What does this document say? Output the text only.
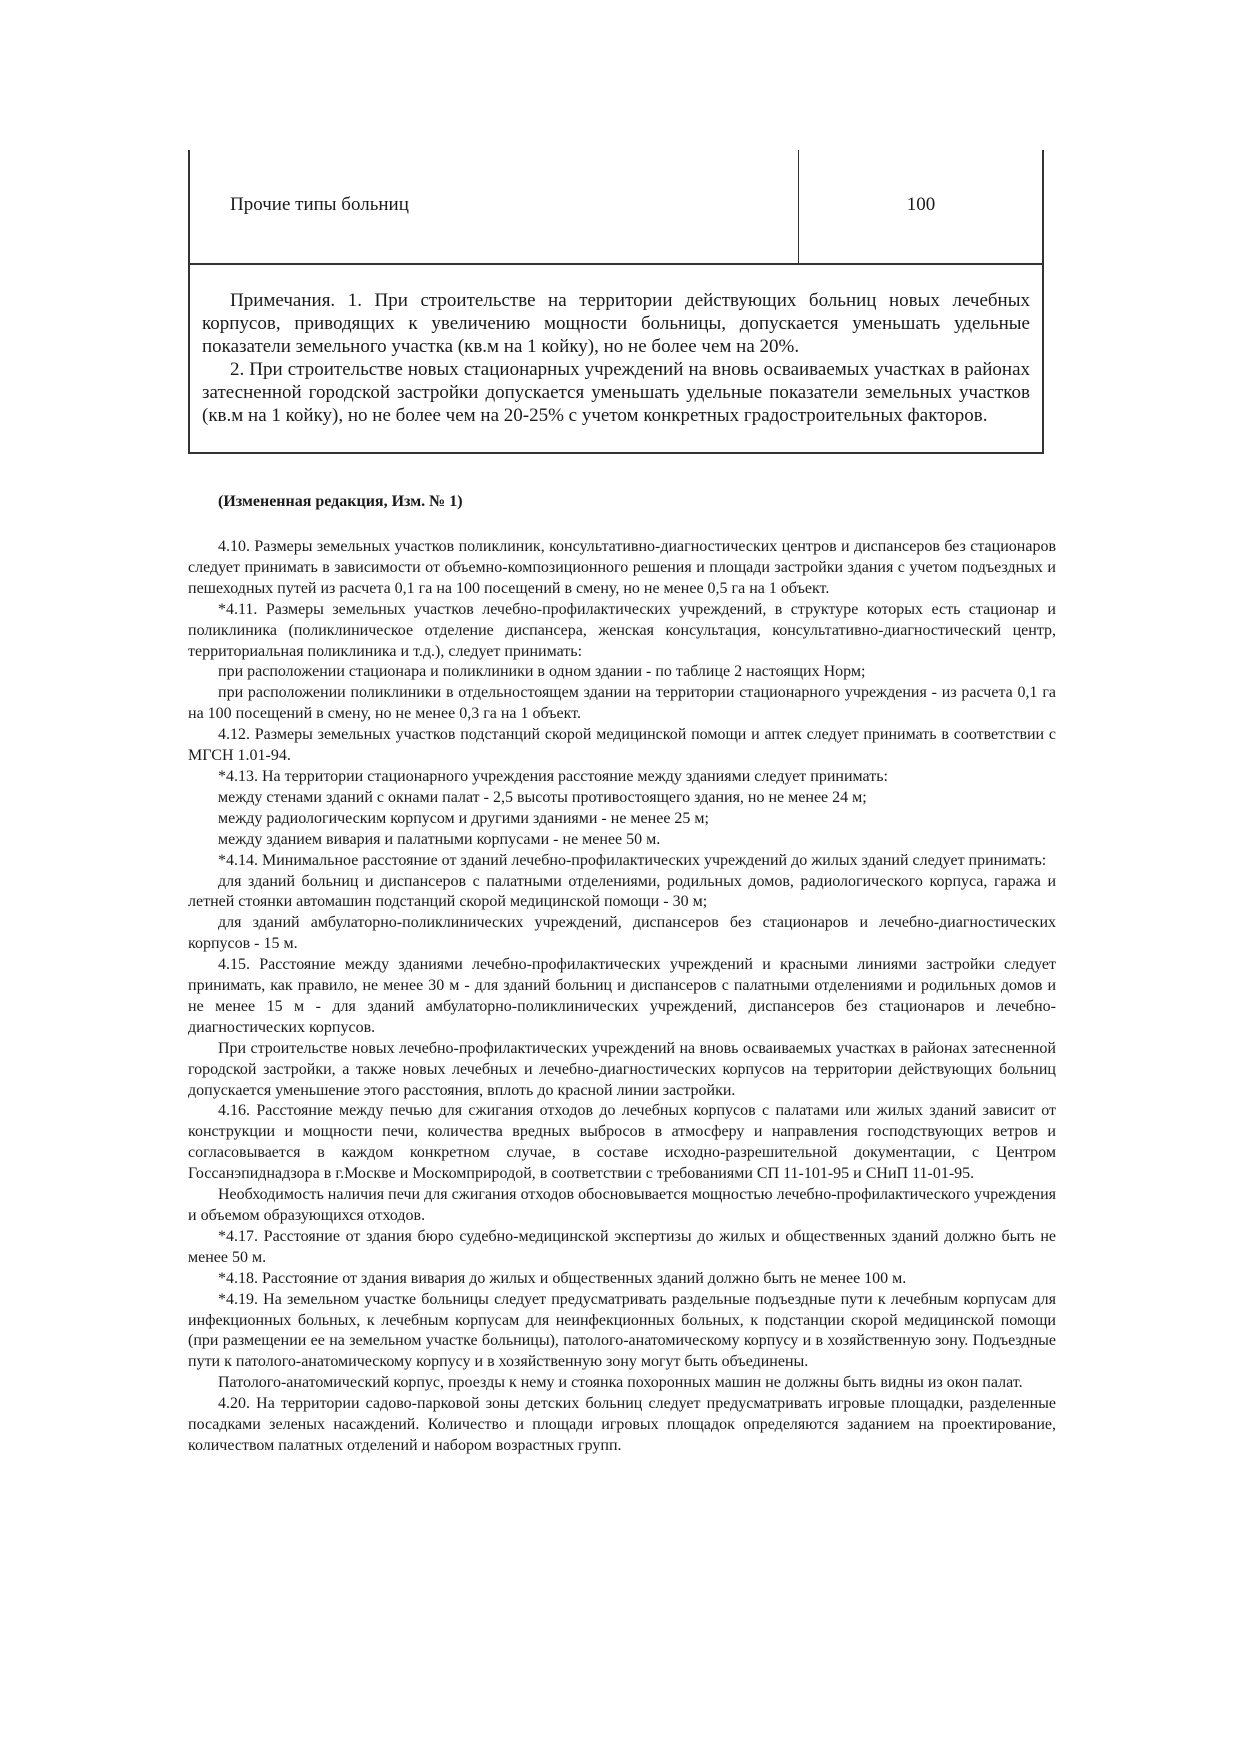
Прочие типы больниц	100

Примечания. 1. При строительстве на территории действующих больниц новых лечебных корпусов, приводящих к увеличению мощности больницы, допускается уменьшать удельные показатели земельного участка (кв.м на 1 койку), но не более чем на 20%.

2. При строительстве новых стационарных учреждений на вновь осваиваемых участках в районах затесненной городской застройки допускается уменьшать удельные показатели земельных участков (кв.м на 1 койку), но не более чем на 20-25% с учетом конкретных градостроительных факторов.

(Измененная редакция, Изм. № 1)

4.10. Размеры земельных участков поликлиник, консультативно-диагностических центров и диспансеров без стационаров следует принимать в зависимости от объемно-композиционного решения и площади застройки здания с учетом подъездных и пешеходных путей из расчета 0,1 га на 100 посещений в смену, но не менее 0,5 га на 1 объект.

*4.11. Размеры земельных участков лечебно-профилактических учреждений, в структуре которых есть стационар и поликлиника (поликлиническое отделение диспансера, женская консультация, консультативно-диагностический центр, территориальная поликлиника и т.д.), следует принимать:

при расположении стационара и поликлиники в одном здании - по таблице 2 настоящих Норм;

при расположении поликлиники в отдельностоящем здании на территории стационарного учреждения - из расчета 0,1 га на 100 посещений в смену, но не менее 0,3 га на 1 объект.

4.12. Размеры земельных участков подстанций скорой медицинской помощи и аптек следует принимать в соответствии с МГСН 1.01-94.

*4.13. На территории стационарного учреждения расстояние между зданиями следует принимать:

между стенами зданий с окнами палат - 2,5 высоты противостоящего здания, но не менее 24 м;

между радиологическим корпусом и другими зданиями - не менее 25 м;

между зданием вивария и палатными корпусами - не менее 50 м.

*4.14. Минимальное расстояние от зданий лечебно-профилактических учреждений до жилых зданий следует принимать:

для зданий больниц и диспансеров с палатными отделениями, родильных домов, радиологического корпуса, гаража и летней стоянки автомашин подстанций скорой медицинской помощи - 30 м;

для зданий амбулаторно-поликлинических учреждений, диспансеров без стационаров и лечебно-диагностических корпусов - 15 м.

4.15. Расстояние между зданиями лечебно-профилактических учреждений и красными линиями застройки следует принимать, как правило, не менее 30 м - для зданий больниц и диспансеров с палатными отделениями и родильных домов и не менее 15 м - для зданий амбулаторно-поликлинических учреждений, диспансеров без стационаров и лечебно-диагностических корпусов.

При строительстве новых лечебно-профилактических учреждений на вновь осваиваемых участках в районах затесненной городской застройки, а также новых лечебных и лечебно-диагностических корпусов на территории действующих больниц допускается уменьшение этого расстояния, вплоть до красной линии застройки.

4.16. Расстояние между печью для сжигания отходов до лечебных корпусов с палатами или жилых зданий зависит от конструкции и мощности печи, количества вредных выбросов в атмосферу и направления господствующих ветров и согласовывается в каждом конкретном случае, в составе исходно-разрешительной документации, с Центром Госсанэпиднадзора в г.Москве и Москомприродой, в соответствии с требованиями СП 11-101-95 и СНиП 11-01-95.

Необходимость наличия печи для сжигания отходов обосновывается мощностью лечебно-профилактического учреждения и объемом образующихся отходов.

*4.17. Расстояние от здания бюро судебно-медицинской экспертизы до жилых и общественных зданий должно быть не менее 50 м.

*4.18. Расстояние от здания вивария до жилых и общественных зданий должно быть не менее 100 м.

*4.19. На земельном участке больницы следует предусматривать раздельные подъездные пути к лечебным корпусам для инфекционных больных, к лечебным корпусам для неинфекционных больных, к подстанции скорой медицинской помощи (при размещении ее на земельном участке больницы), патолого-анатомическому корпусу и в хозяйственную зону. Подъездные пути к патолого-анатомическому корпусу и в хозяйственную зону могут быть объединены.

Патолого-анатомический корпус, проезды к нему и стоянка похоронных машин не должны быть видны из окон палат.

4.20. На территории садово-парковой зоны детских больниц следует предусматривать игровые площадки, разделенные посадками зеленых насаждений. Количество и площади игровых площадок определяются заданием на проектирование, количеством палатных отделений и набором возрастных групп.
